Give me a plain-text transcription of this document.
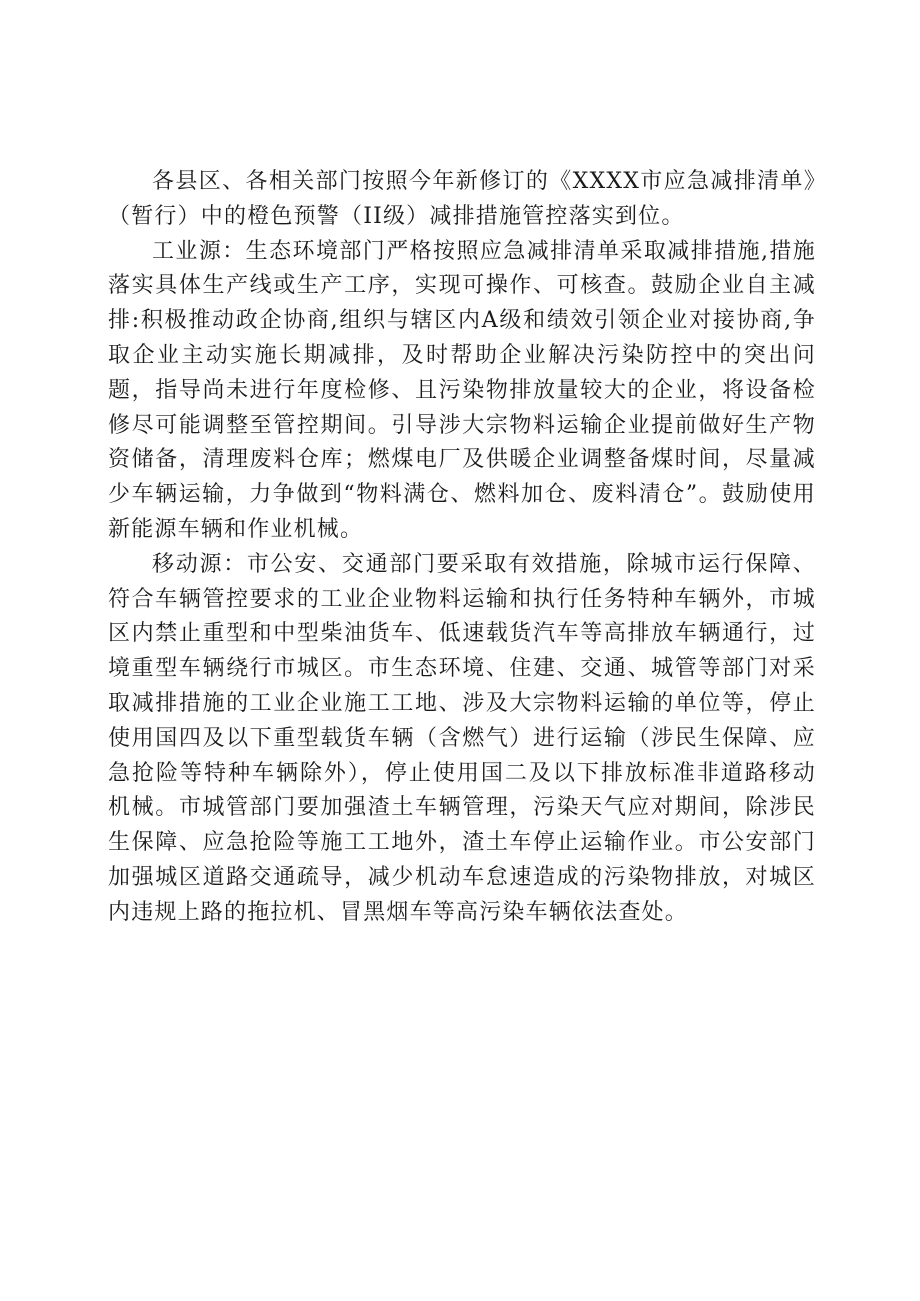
各县区、各相关部门按照今年新修订的《XXXX市应急减排清单》（暂行）中的橙色预警（II级）减排措施管控落实到位。

工业源：生态环境部门严格按照应急减排清单采取减排措施,措施落实具体生产线或生产工序，实现可操作、可核查。鼓励企业自主减排:积极推动政企协商,组织与辖区内A级和绩效引领企业对接协商,争取企业主动实施长期减排，及时帮助企业解决污染防控中的突出问题，指导尚未进行年度检修、且污染物排放量较大的企业，将设备检修尽可能调整至管控期间。引导涉大宗物料运输企业提前做好生产物资储备，清理废料仓库；燃煤电厂及供暖企业调整备煤时间，尽量减少车辆运输，力争做到“物料满仓、燃料加仓、废料清仓”。鼓励使用新能源车辆和作业机械。

移动源：市公安、交通部门要采取有效措施，除城市运行保障、符合车辆管控要求的工业企业物料运输和执行任务特种车辆外，市城区内禁止重型和中型柴油货车、低速载货汽车等高排放车辆通行，过境重型车辆绕行市城区。市生态环境、住建、交通、城管等部门对采取减排措施的工业企业施工工地、涉及大宗物料运输的单位等，停止使用国四及以下重型载货车辆（含燃气）进行运输（涉民生保障、应急抢险等特种车辆除外），停止使用国二及以下排放标准非道路移动机械。市城管部门要加强渣土车辆管理，污染天气应对期间，除涉民生保障、应急抢险等施工工地外，渣土车停止运输作业。市公安部门加强城区道路交通疏导，减少机动车怠速造成的污染物排放，对城区内违规上路的拖拉机、冒黑烟车等高污染车辆依法查处。
